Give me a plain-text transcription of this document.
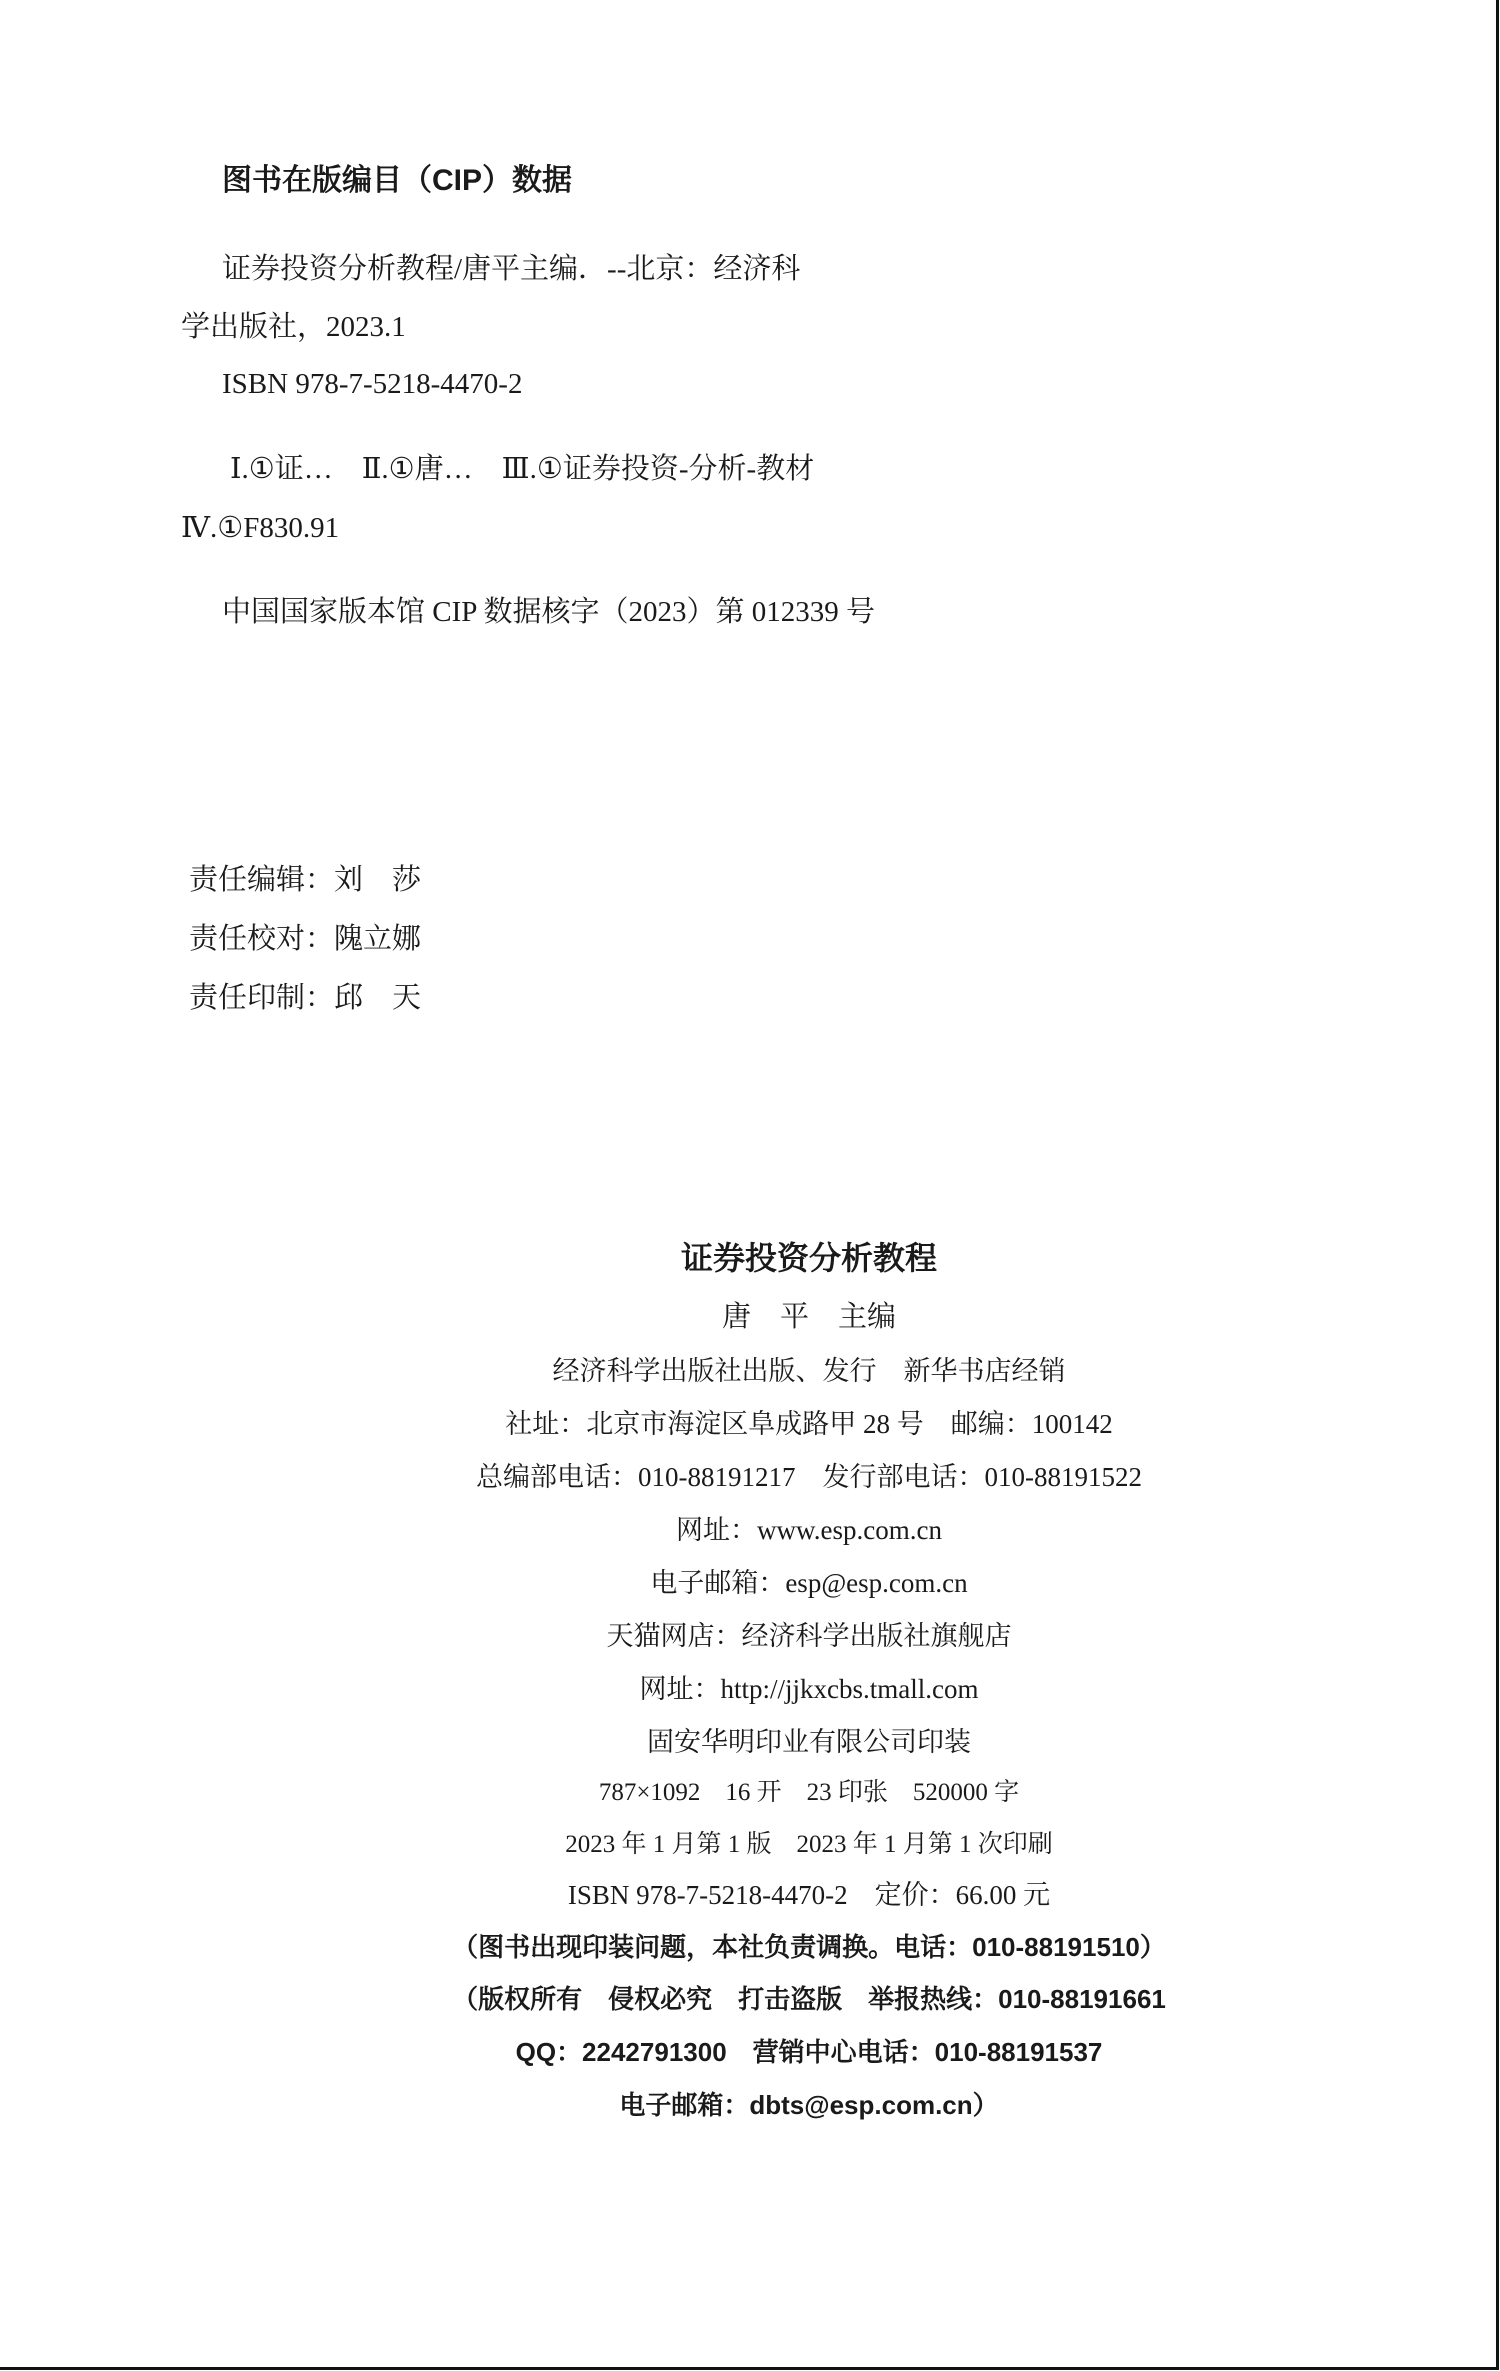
图书在版编目（CIP）数据
证券投资分析教程/唐平主编．--北京：经济科
学出版社，2023.1
ISBN 978-7-5218-4470-2
Ⅰ.①证…　Ⅱ.①唐…　Ⅲ.①证券投资-分析-教材
Ⅳ.①F830.91
中国国家版本馆 CIP 数据核字（2023）第 012339 号
责任编辑：刘　莎
责任校对：隗立娜
责任印制：邱　天
证券投资分析教程
唐　平　主编
经济科学出版社出版、发行　新华书店经销
社址：北京市海淀区阜成路甲 28 号　邮编：100142
总编部电话：010-88191217　发行部电话：010-88191522
网址：www.esp.com.cn
电子邮箱：esp@esp.com.cn
天猫网店：经济科学出版社旗舰店
网址：http://jjkxcbs.tmall.com
固安华明印业有限公司印装
787×1092　16 开　23 印张　520000 字
2023 年 1 月第 1 版　2023 年 1 月第 1 次印刷
ISBN 978-7-5218-4470-2　定价：66.00 元
（图书出现印装问题，本社负责调换。电话：010-88191510）
（版权所有　侵权必究　打击盗版　举报热线：010-88191661
QQ：2242791300　营销中心电话：010-88191537
电子邮箱：dbts@esp.com.cn）
